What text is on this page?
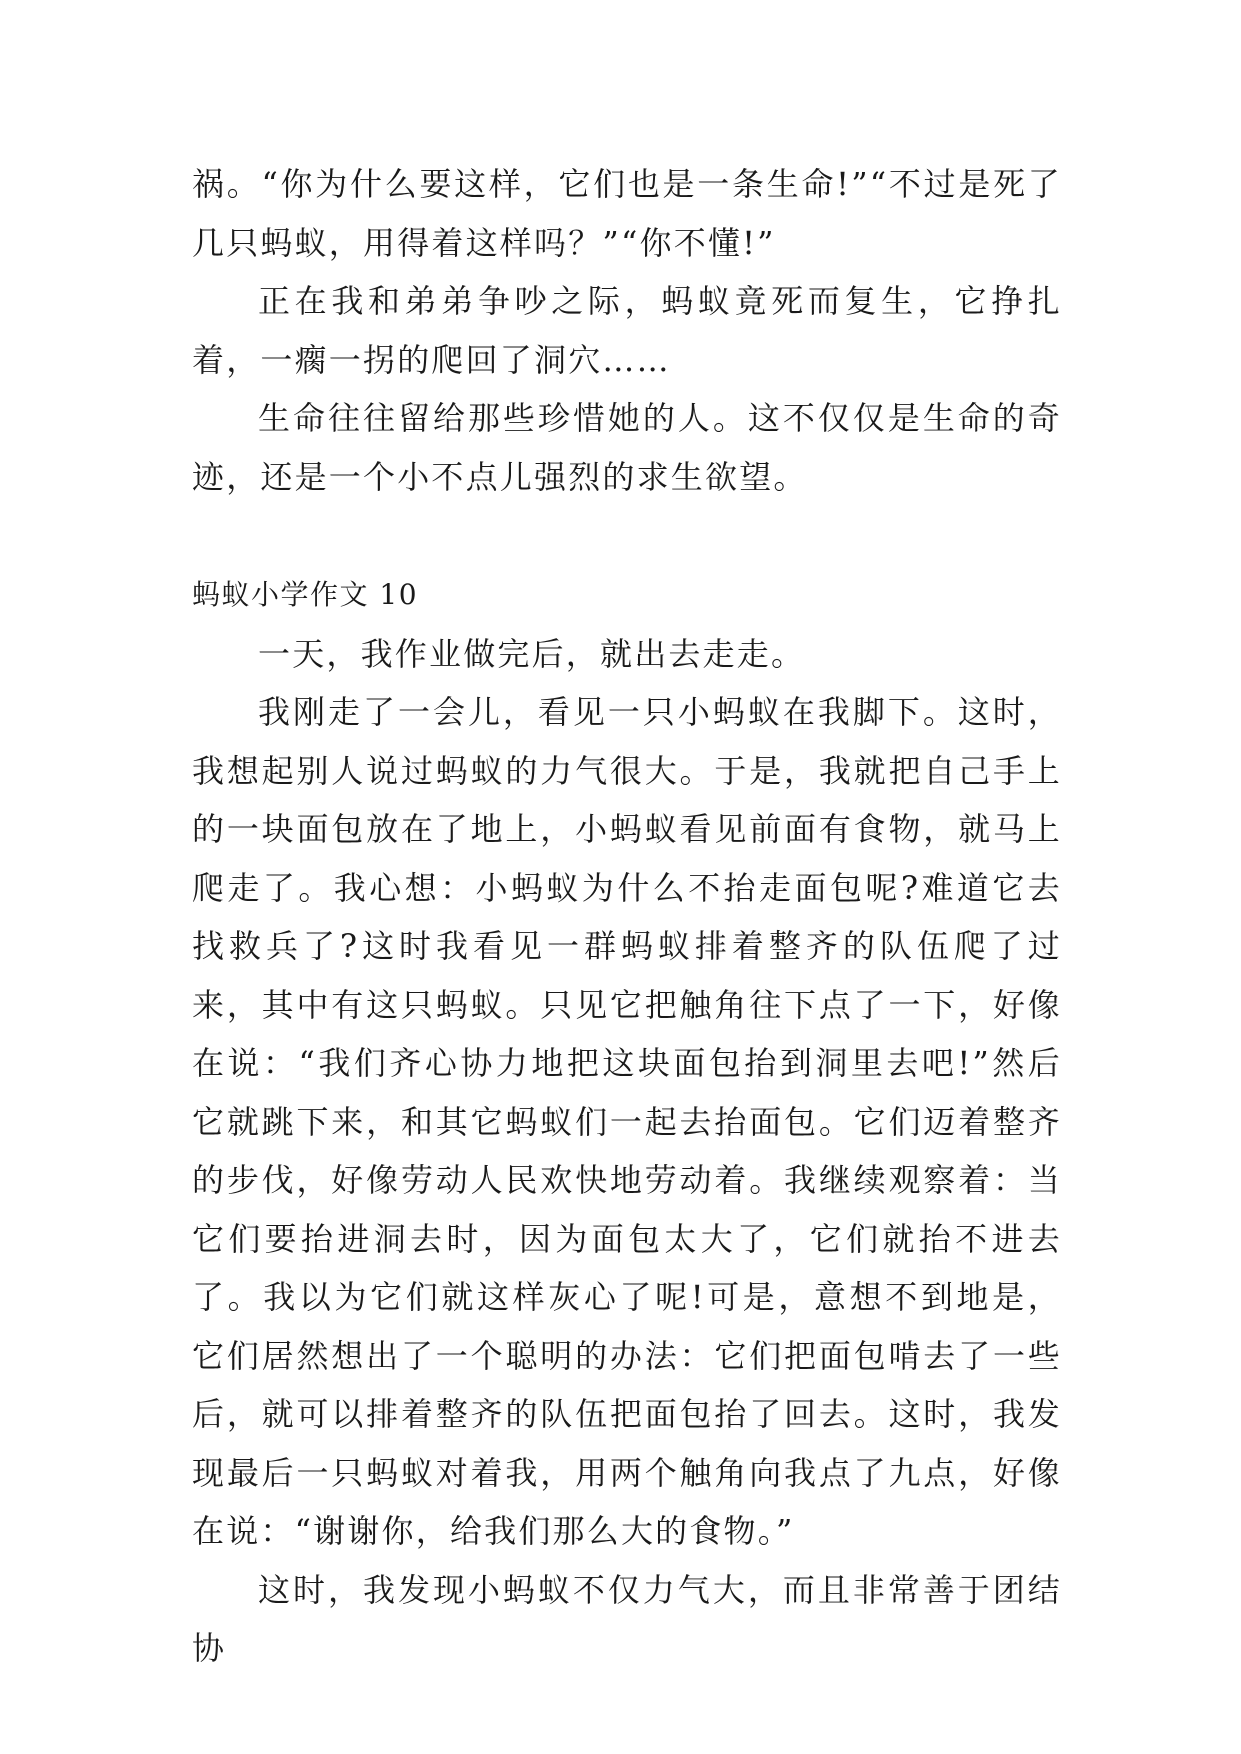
祸。“你为什么要这样，它们也是一条生命!”“不过是死了几只蚂蚁，用得着这样吗？”“你不懂!”

正在我和弟弟争吵之际，蚂蚁竟死而复生，它挣扎着，一瘸一拐的爬回了洞穴……

生命往往留给那些珍惜她的人。这不仅仅是生命的奇迹，还是一个小不点儿强烈的求生欲望。

蚂蚁小学作文 10

一天，我作业做完后，就出去走走。

我刚走了一会儿，看见一只小蚂蚁在我脚下。这时，我想起别人说过蚂蚁的力气很大。于是，我就把自己手上的一块面包放在了地上，小蚂蚁看见前面有食物，就马上爬走了。我心想：小蚂蚁为什么不抬走面包呢?难道它去找救兵了?这时我看见一群蚂蚁排着整齐的队伍爬了过来，其中有这只蚂蚁。只见它把触角往下点了一下，好像在说：“我们齐心协力地把这块面包抬到洞里去吧!”然后它就跳下来，和其它蚂蚁们一起去抬面包。它们迈着整齐的步伐，好像劳动人民欢快地劳动着。我继续观察着：当它们要抬进洞去时，因为面包太大了，它们就抬不进去了。我以为它们就这样灰心了呢!可是，意想不到地是，它们居然想出了一个聪明的办法：它们把面包啃去了一些后，就可以排着整齐的队伍把面包抬了回去。这时，我发现最后一只蚂蚁对着我，用两个触角向我点了九点，好像在说：“谢谢你，给我们那么大的食物。”

这时，我发现小蚂蚁不仅力气大，而且非常善于团结协
